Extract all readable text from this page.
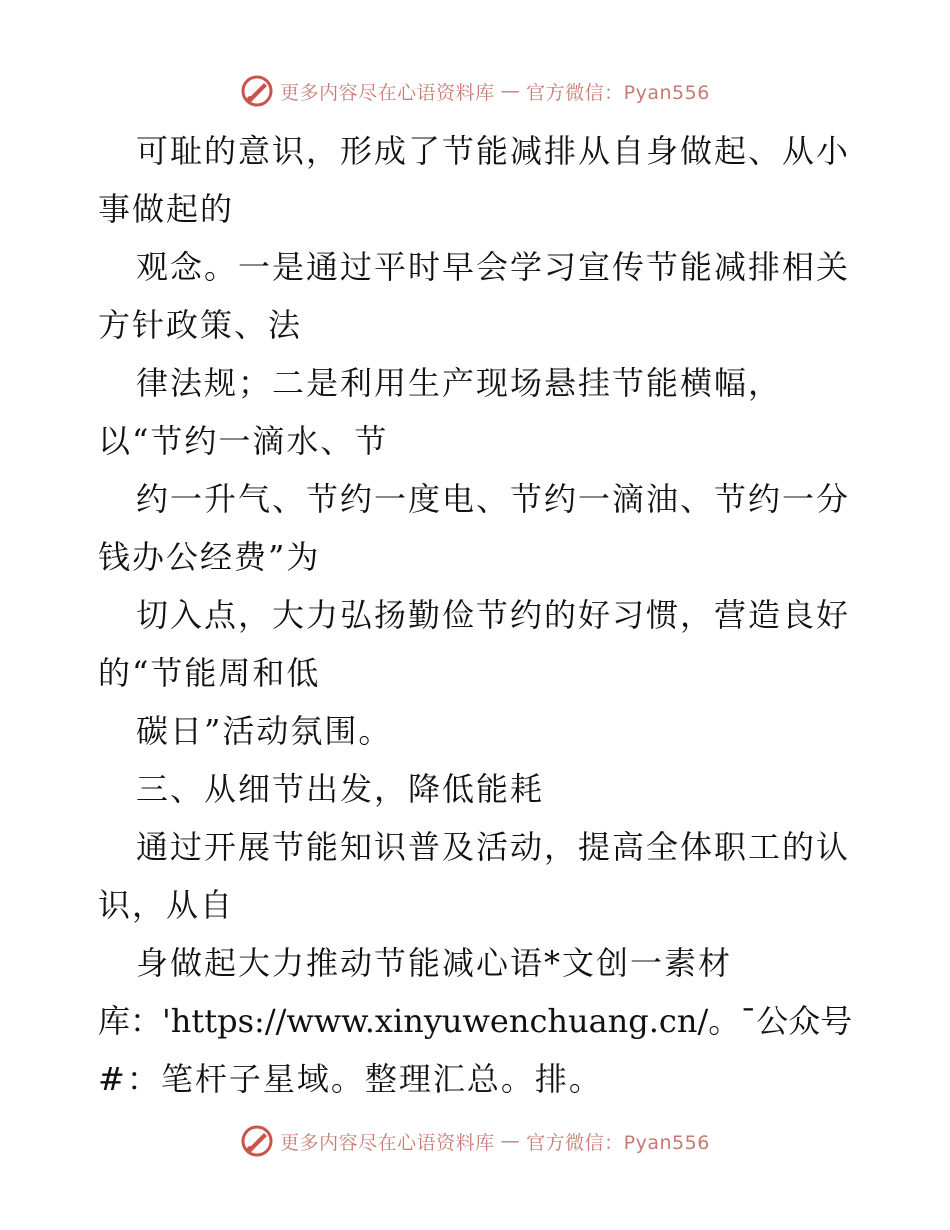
更多内容尽在心语资料库 — 官方微信：Pyan556
可耻的意识，形成了节能减排从自身做起、从小
事做起的
观念。一是通过平时早会学习宣传节能减排相关
方针政策、法
律法规；二是利用生产现场悬挂节能横幅，
以“节约一滴水、节
约一升气、节约一度电、节约一滴油、节约一分
钱办公经费”为
切入点，大力弘扬勤俭节约的好习惯，营造良好
的“节能周和低
碳日”活动氛围。
三、从细节出发，降低能耗
通过开展节能知识普及活动，提高全体职工的认
识，从自
身做起大力推动节能减心语*文创一素材
库：'https://www.xinyuwenchuang.cn/。¯公众号
#：笔杆子星域。整理汇总。排。
更多内容尽在心语资料库 — 官方微信：Pyan556
